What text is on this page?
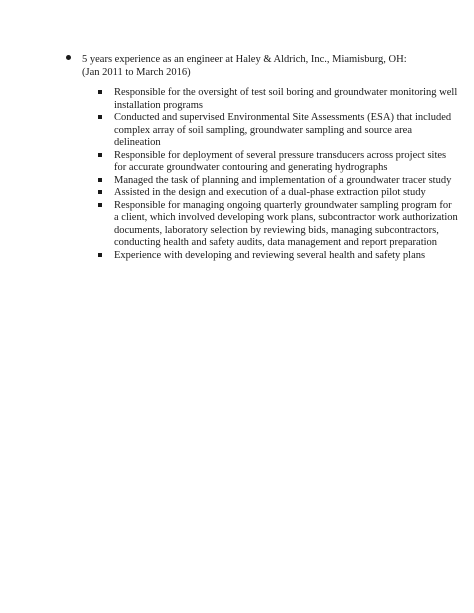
5 years experience as an engineer at Haley & Aldrich, Inc., Miamisburg, OH:
(Jan 2011 to March 2016)
Responsible for the oversight of test soil boring and groundwater monitoring well installation programs
Conducted and supervised Environmental Site Assessments (ESA) that included complex array of soil sampling, groundwater sampling and source area delineation
Responsible for deployment of several pressure transducers across project sites for accurate groundwater contouring and generating hydrographs
Managed the task of planning and implementation of a groundwater tracer study
Assisted in the design and execution of a dual-phase extraction pilot study
Responsible for managing ongoing quarterly groundwater sampling program for a client, which involved developing work plans, subcontractor work authorization documents, laboratory selection by reviewing bids, managing subcontractors, conducting health and safety audits, data management and report preparation
Experience with developing and reviewing several health and safety plans
